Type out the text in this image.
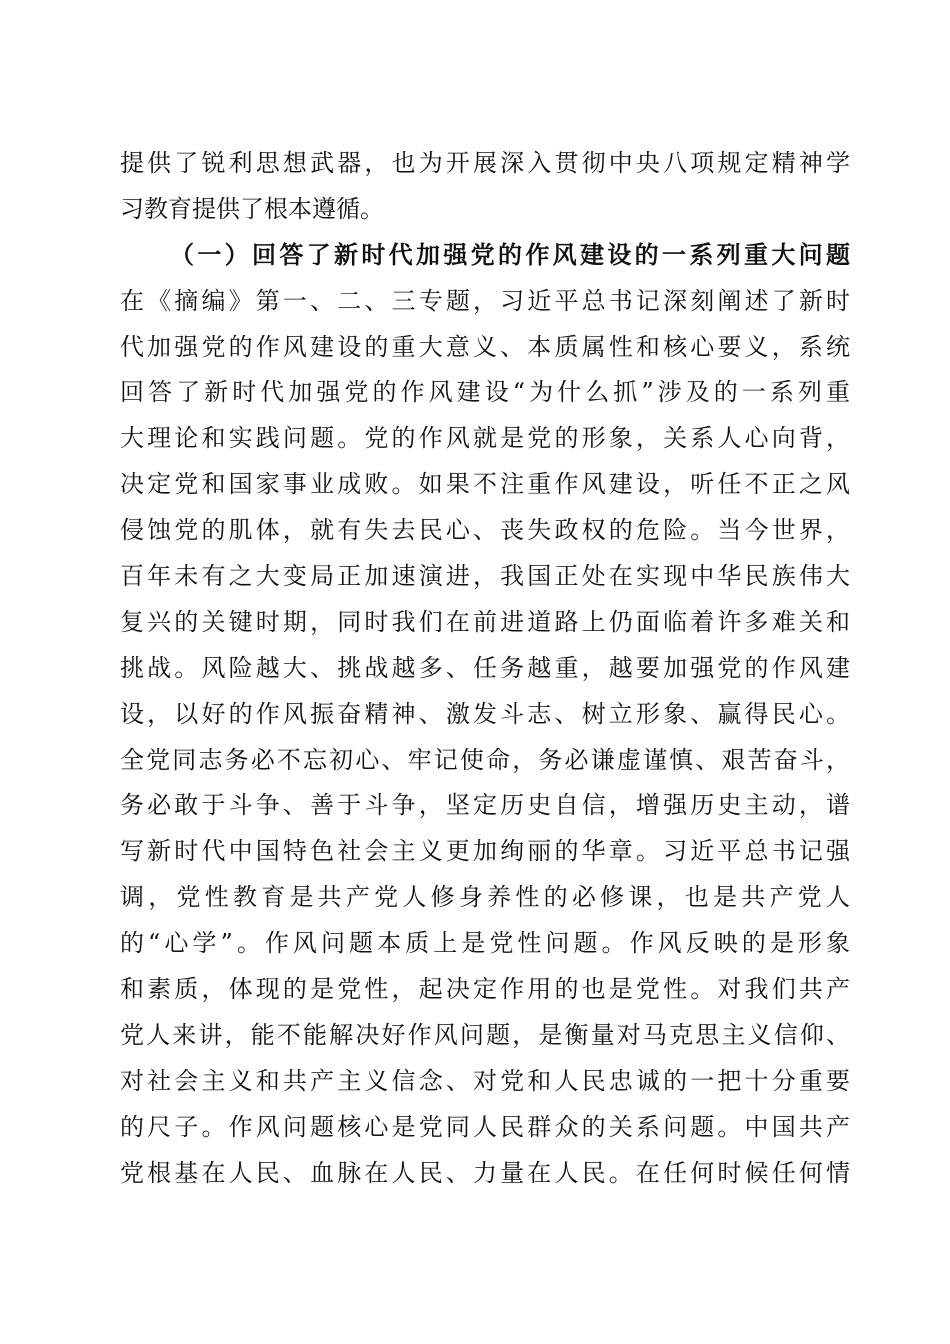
提供了锐利思想武器，也为开展深入贯彻中央八项规定精神学
习教育提供了根本遵循。
（一）回答了新时代加强党的作风建设的一系列重大问题
在《摘编》第一、二、三专题，习近平总书记深刻阐述了新时
代加强党的作风建设的重大意义、本质属性和核心要义，系统
回答了新时代加强党的作风建设“为什么抓”涉及的一系列重
大理论和实践问题。党的作风就是党的形象，关系人心向背，
决定党和国家事业成败。如果不注重作风建设，听任不正之风
侵蚀党的肌体，就有失去民心、丧失政权的危险。当今世界，
百年未有之大变局正加速演进，我国正处在实现中华民族伟大
复兴的关键时期，同时我们在前进道路上仍面临着许多难关和
挑战。风险越大、挑战越多、任务越重，越要加强党的作风建
设，以好的作风振奋精神、激发斗志、树立形象、赢得民心。
全党同志务必不忘初心、牢记使命，务必谦虚谨慎、艰苦奋斗，
务必敢于斗争、善于斗争，坚定历史自信，增强历史主动，谱
写新时代中国特色社会主义更加绚丽的华章。习近平总书记强
调，党性教育是共产党人修身养性的必修课，也是共产党人
的“心学”。作风问题本质上是党性问题。作风反映的是形象
和素质，体现的是党性，起决定作用的也是党性。对我们共产
党人来讲，能不能解决好作风问题，是衡量对马克思主义信仰、
对社会主义和共产主义信念、对党和人民忠诚的一把十分重要
的尺子。作风问题核心是党同人民群众的关系问题。中国共产
党根基在人民、血脉在人民、力量在人民。在任何时候任何情
